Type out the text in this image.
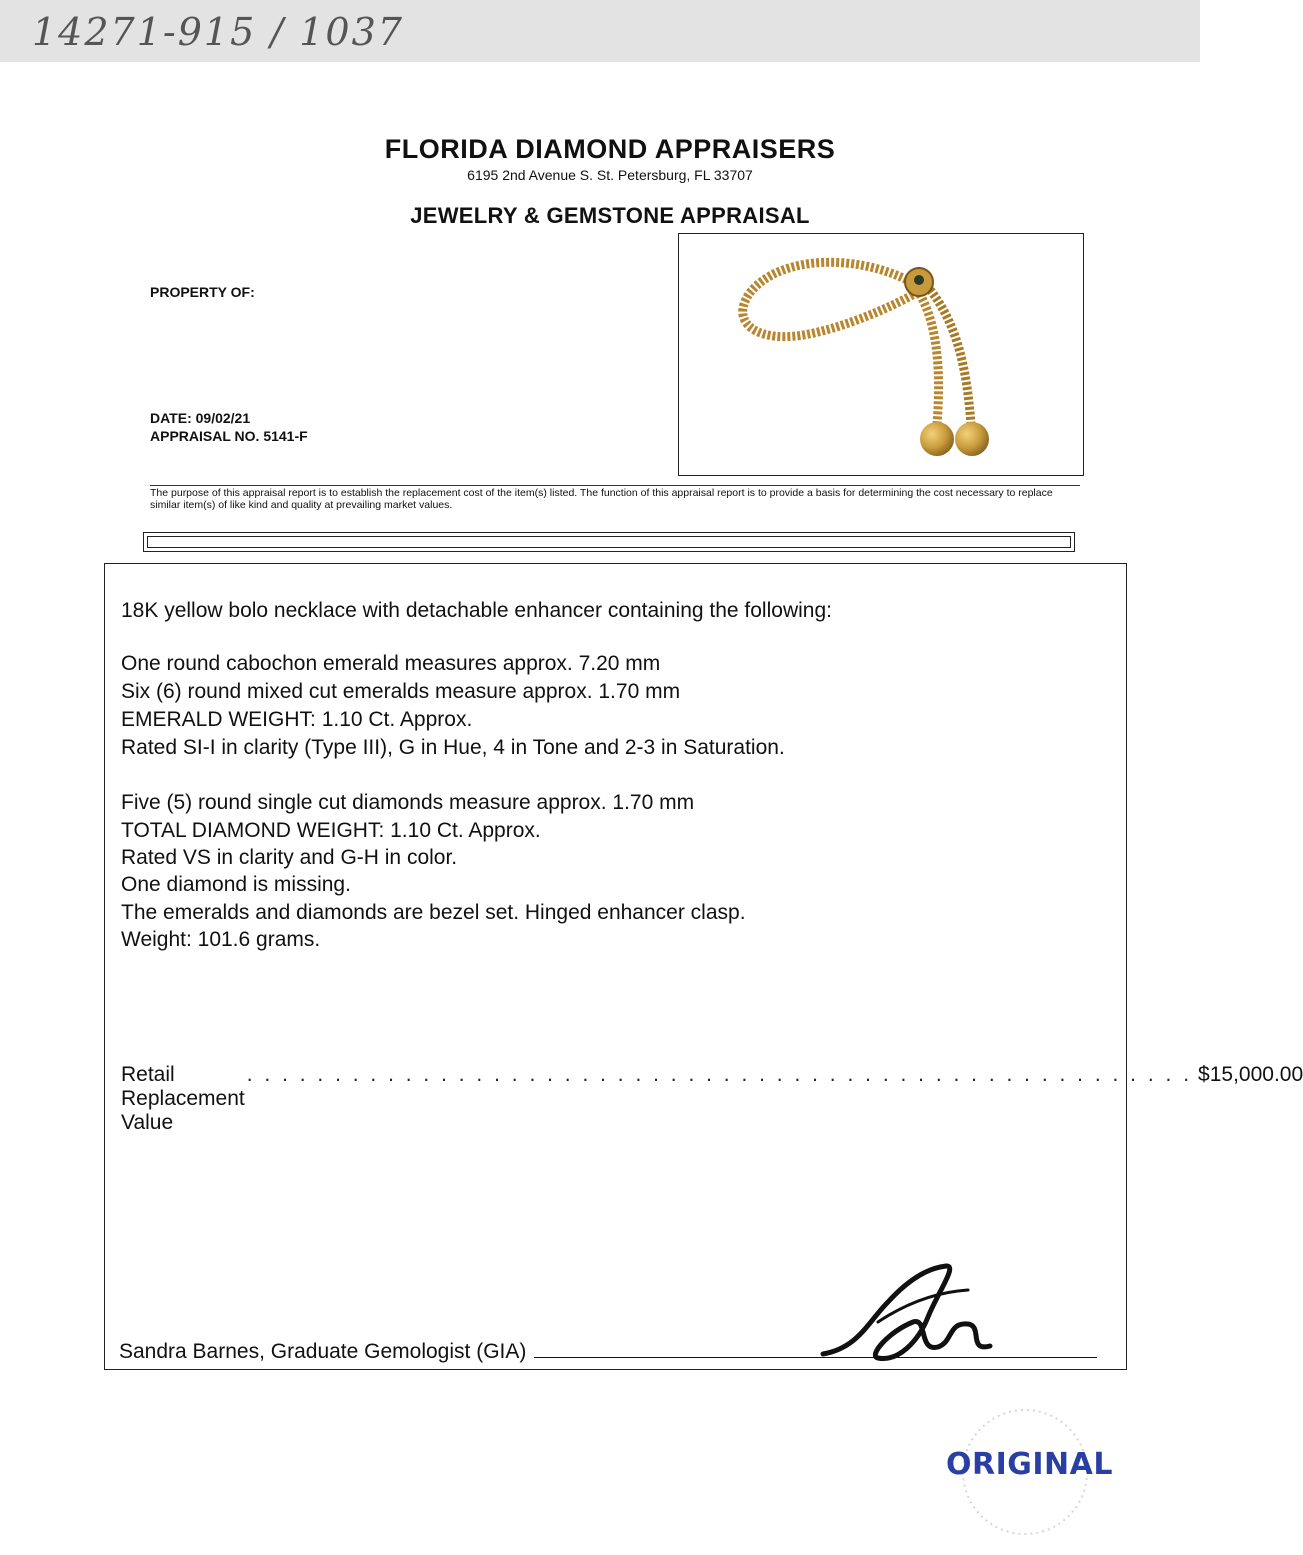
14271-915 / 1037
FLORIDA DIAMOND APPRAISERS
6195 2nd Avenue S. St. Petersburg, FL 33707
JEWELRY & GEMSTONE APPRAISAL
PROPERTY OF:
DATE: 09/02/21
APPRAISAL NO. 5141-F
The purpose of this appraisal report is to establish the replacement cost of the item(s) listed. The function of this appraisal report is to provide a basis for determining the cost necessary to replace similar item(s) of like kind and quality at prevailing market values.
18K yellow bolo necklace with detachable enhancer containing the following:
One round cabochon emerald measures approx. 7.20 mm
Six (6) round mixed cut emeralds measure approx. 1.70 mm
EMERALD WEIGHT: 1.10 Ct. Approx.
Rated SI-I in clarity (Type III), G in Hue, 4 in Tone and 2-3 in Saturation.
Five (5) round single cut diamonds measure approx. 1.70 mm
TOTAL DIAMOND WEIGHT: 1.10 Ct. Approx.
Rated VS in clarity and G-H in color.
One diamond is missing.
The emeralds and diamonds are bezel set. Hinged enhancer clasp.
Weight: 101.6 grams.
Retail Replacement Value
. . . . . . . . . . . . . . . . . . . . . . . . . . . . . . . . . . . . . . . . . . . . . . . . . . . . . . $15,000.00
Sandra Barnes, Graduate Gemologist (GIA)
ORIGINAL
